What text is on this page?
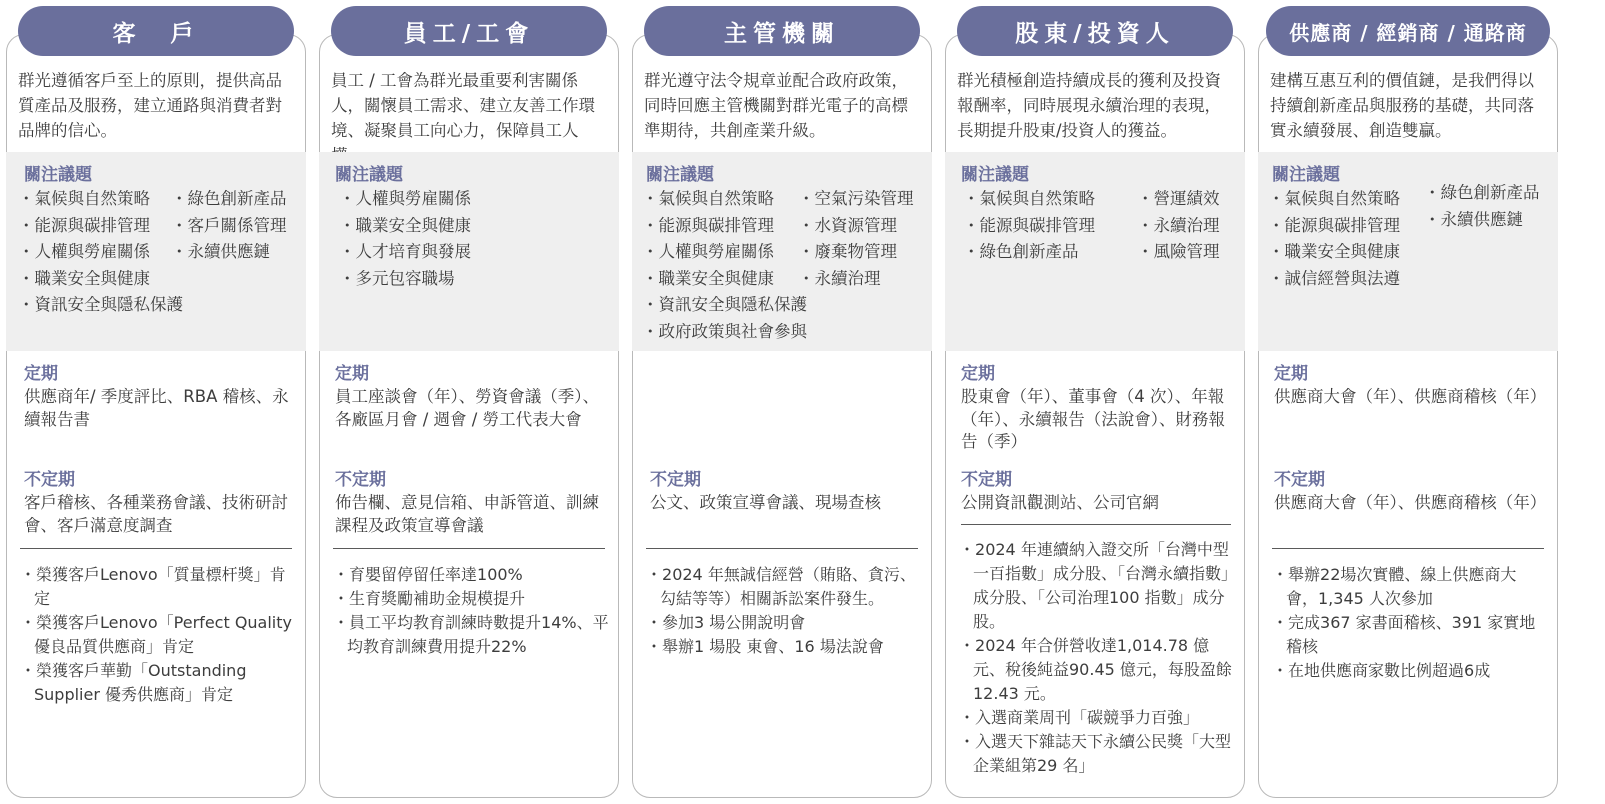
客　戶
群光遵循客戶至上的原則，提供高品質產品及服務，建立通路與消費者對品牌的信心。
關注議題
・ 氣候與自然策略
・ 能源與碳排管理
・ 人權與勞雇關係
・ 職業安全與健康
・ 資訊安全與隱私保護
・ 綠色創新產品
・ 客戶關係管理
・ 永續供應鏈
定期
供應商年/ 季度評比、RBA 稽核、永續報告書
不定期
客戶稽核、各種業務會議、技術研討會、客戶滿意度調查
・ 榮獲客戶Lenovo「質量標杆獎」肯定
・ 榮獲客戶Lenovo「Perfect Quality 優良品質供應商」肯定
・ 榮獲客戶華勤「Outstanding Supplier 優秀供應商」肯定
員工/工會
員工 / 工會為群光最重要利害關係人，關懷員工需求、建立友善工作環境、凝聚員工向心力，保障員工人
關注議題
・ 人權與勞雇關係
・ 職業安全與健康
・ 人才培育與發展
・ 多元包容職場
定期
員工座談會（年）、勞資會議（季）、各廠區月會 / 週會 / 勞工代表大會
不定期
佈告欄、意見信箱、申訴管道、訓練課程及政策宣導會議
・ 育嬰留停留任率達100%
・ 生育獎勵補助金規模提升
・ 員工平均教育訓練時數提升14%、平均教育訓練費用提升22%
主管機關
群光遵守法令規章並配合政府政策，同時回應主管機關對群光電子的高標準期待，共創產業升級。
關注議題
・ 氣候與自然策略
・ 能源與碳排管理
・ 人權與勞雇關係
・ 職業安全與健康
・ 資訊安全與隱私保護
・ 政府政策與社會參與
・ 空氣污染管理
・ 水資源管理
・ 廢棄物管理
・ 永續治理
不定期
公文、政策宣導會議、現場查核
・ 2024 年無誠信經營（賄賂、貪污、勾結等等）相關訴訟案件發生。
・ 參加3 場公開說明會
・ 舉辦1 場股 東會、16 場法說會
股東/投資人
群光積極創造持續成長的獲利及投資報酬率，同時展現永續治理的表現，長期提升股東/投資人的獲益。
關注議題
・ 氣候與自然策略
・ 能源與碳排管理
・ 綠色創新產品
・ 營運績效
・ 永續治理
・ 風險管理
定期
股東會（年）、董事會（4 次）、年報（年）、永續報告（法說會）、財務報告（季）
不定期
公開資訊觀測站、公司官網
・ 2024 年連續納入證交所「台灣中型一百指數」成分股、「台灣永續指數」成分股、「公司治理100 指數」成分股。
・ 2024 年合併營收達1,014.78 億元、稅後純益90.45 億元，每股盈餘12.43 元。
・ 入選商業周刊「碳競爭力百強」
・ 入選天下雜誌天下永續公民獎「大型企業組第29 名」
供應商 / 經銷商 / 通路商
建構互惠互利的價值鏈，是我們得以持續創新產品與服務的基礎，共同落實永續發展、創造雙贏。
關注議題
・ 氣候與自然策略
・ 能源與碳排管理
・ 職業安全與健康
・ 誠信經營與法遵
・ 綠色創新產品
・ 永續供應鏈
定期
供應商大會（年）、供應商稽核（年）
不定期
供應商大會（年）、供應商稽核（年）
・ 舉辦22場次實體、線上供應商大會，1,345 人次參加
・ 完成367 家書面稽核、391 家實地稽核
・ 在地供應商家數比例超過6成
